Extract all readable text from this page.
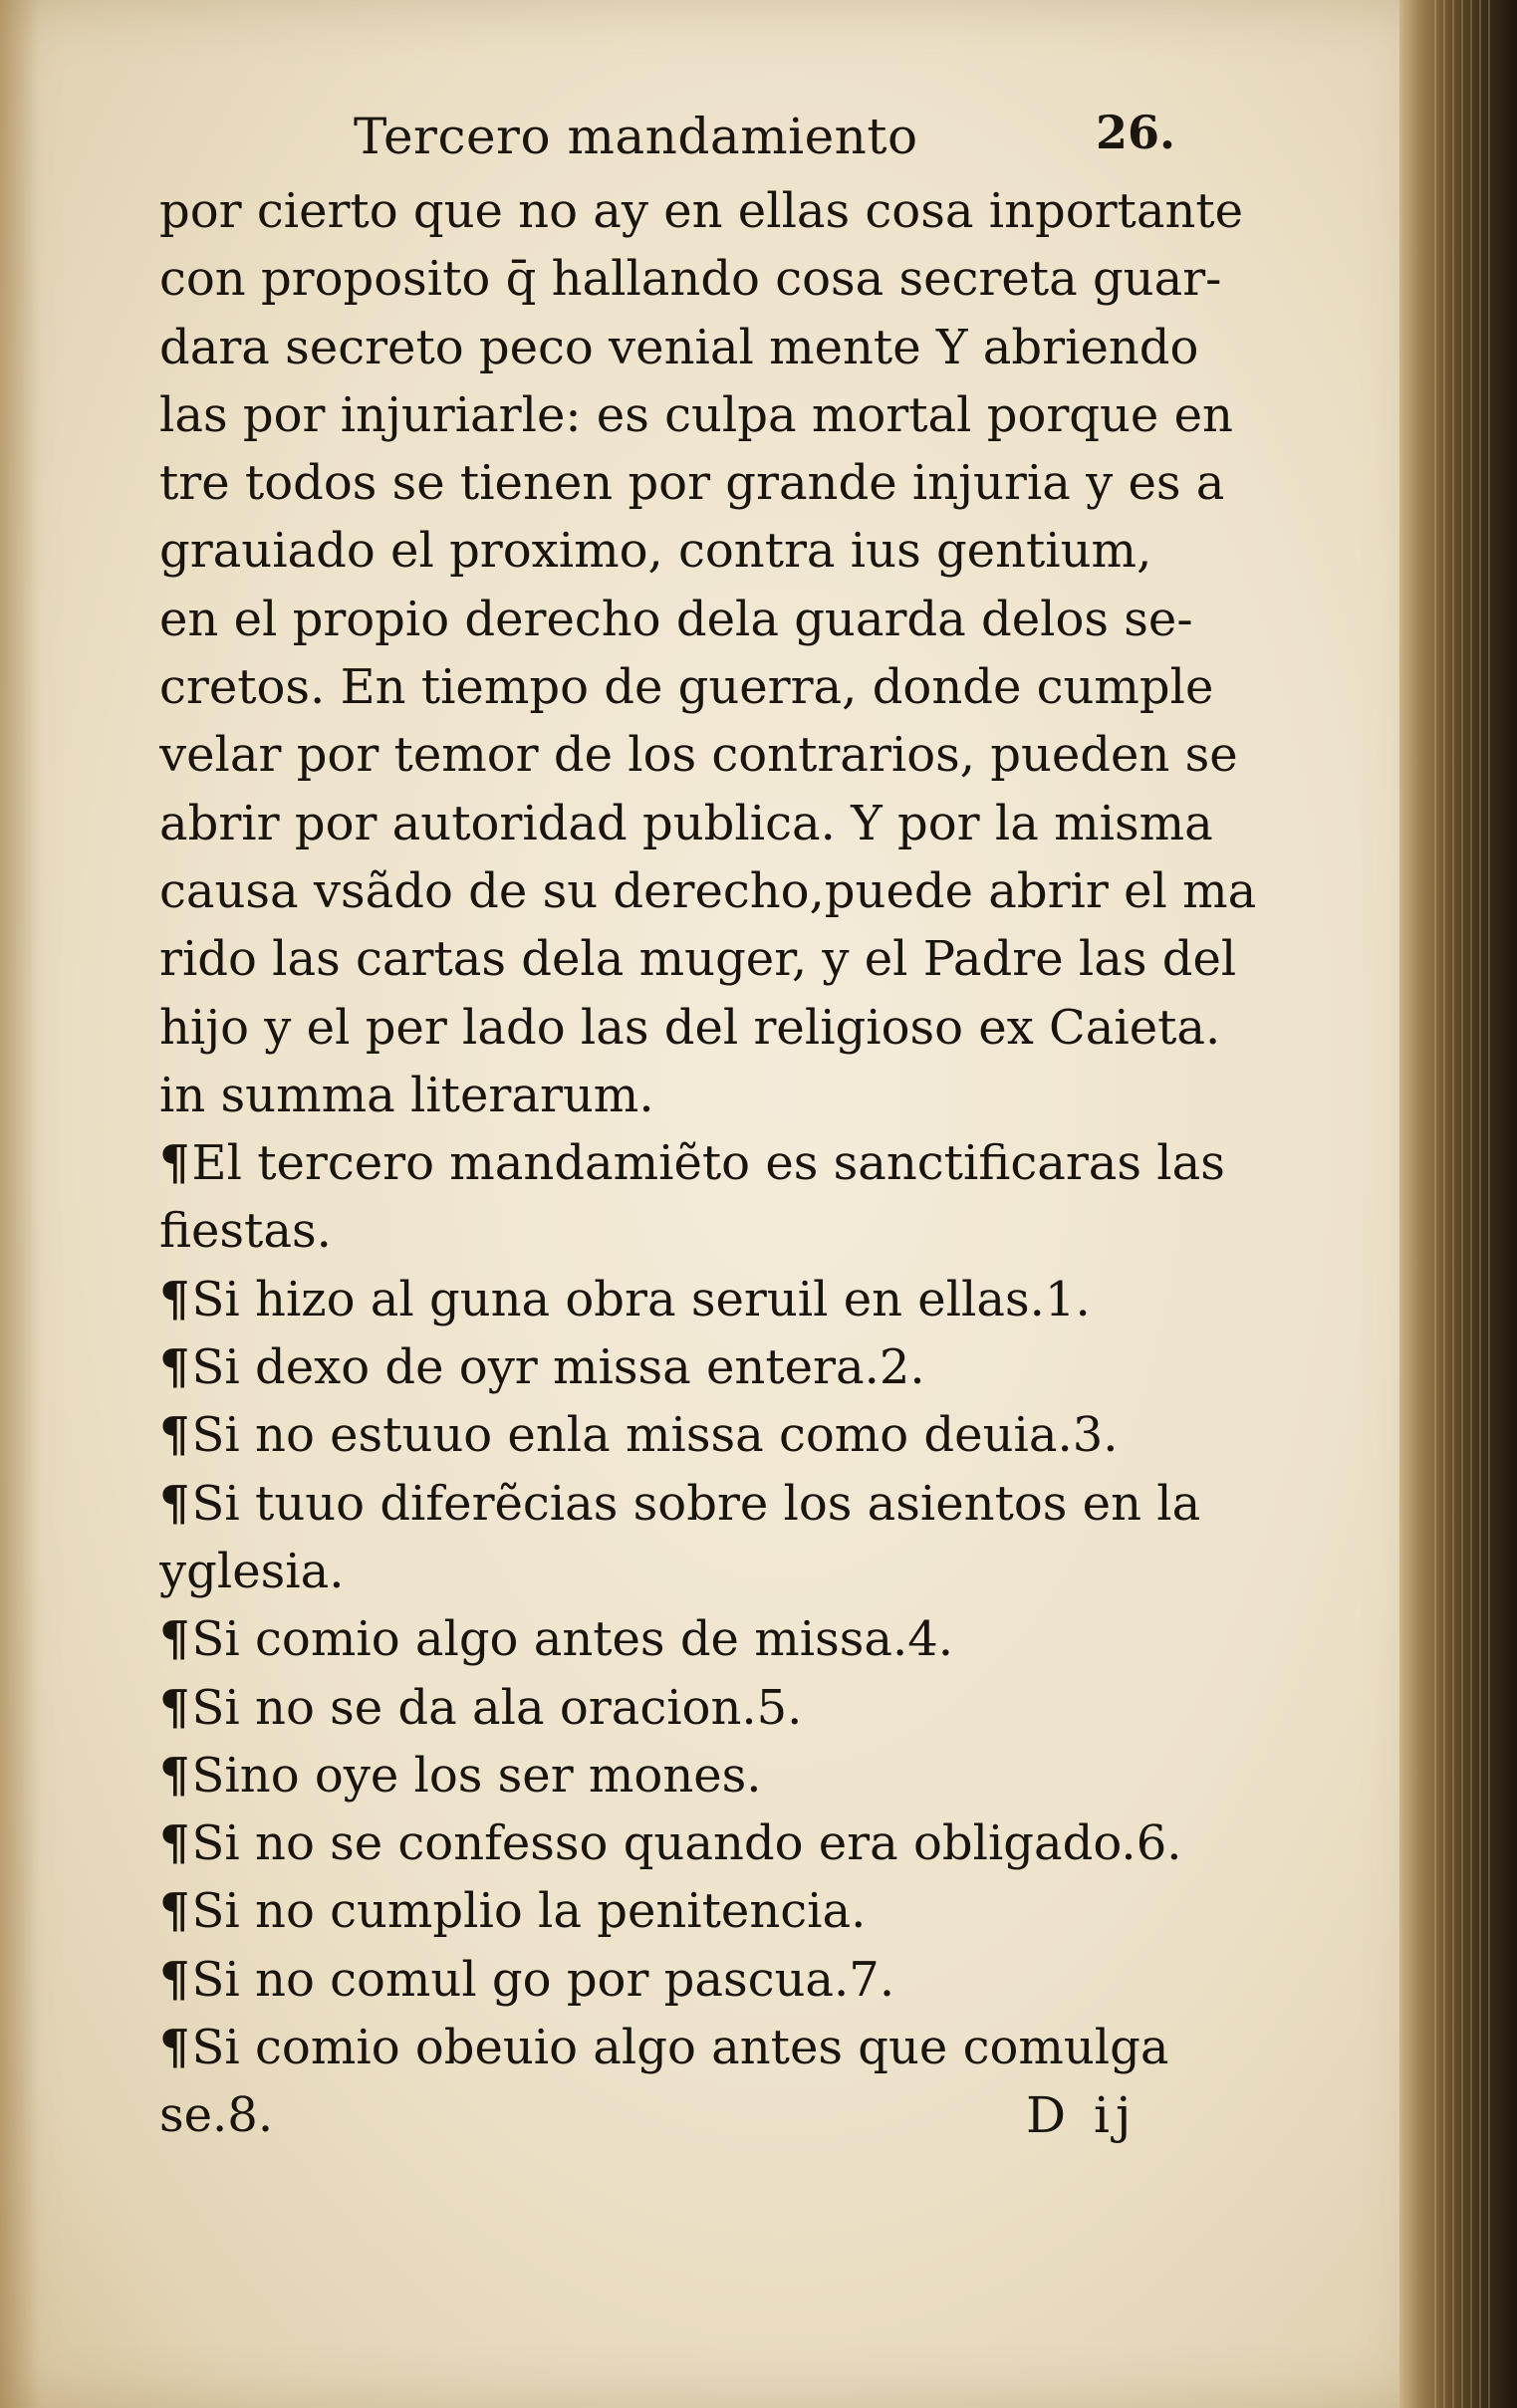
Tercero mandamiento	26.
por cierto que no ay en ellas cosa inportante
con proposito q̄ hallando cosa secreta guar-
dara secreto peco venial mente Y abriendo
las por injuriarle: es culpa mortal porque en
tre todos se tienen por grande injuria y es a
grauiado el proximo, contra ius gentium,
en el propio derecho dela guarda delos se-
cretos. En tiempo de guerra, donde cumple
velar por temor de los contrarios, pueden se
abrir por autoridad publica. Y por la misma
causa vsãdo de su derecho,puede abrir el ma
rido las cartas dela muger, y el Padre las del
hijo y el per lado las del religioso ex Caieta.
in summa literarum.
¶El tercero mandamiẽto es sanctificaras las
fiestas.
¶Si hizo al guna obra seruil en ellas.1.
¶Si dexo de oyr missa entera.2.
¶Si no estuuo enla missa como deuia.3.
¶Si tuuo diferẽcias sobre los asientos en la
yglesia.
¶Si comio algo antes de missa.4.
¶Si no se da ala oracion.5.
¶Sino oye los ser mones.
¶Si no se confesso quando era obligado.6.
¶Si no cumplio la penitencia.
¶Si no comul go por pascua.7.
¶Si comio obeuio algo antes que comulga
se.8.	D ij
